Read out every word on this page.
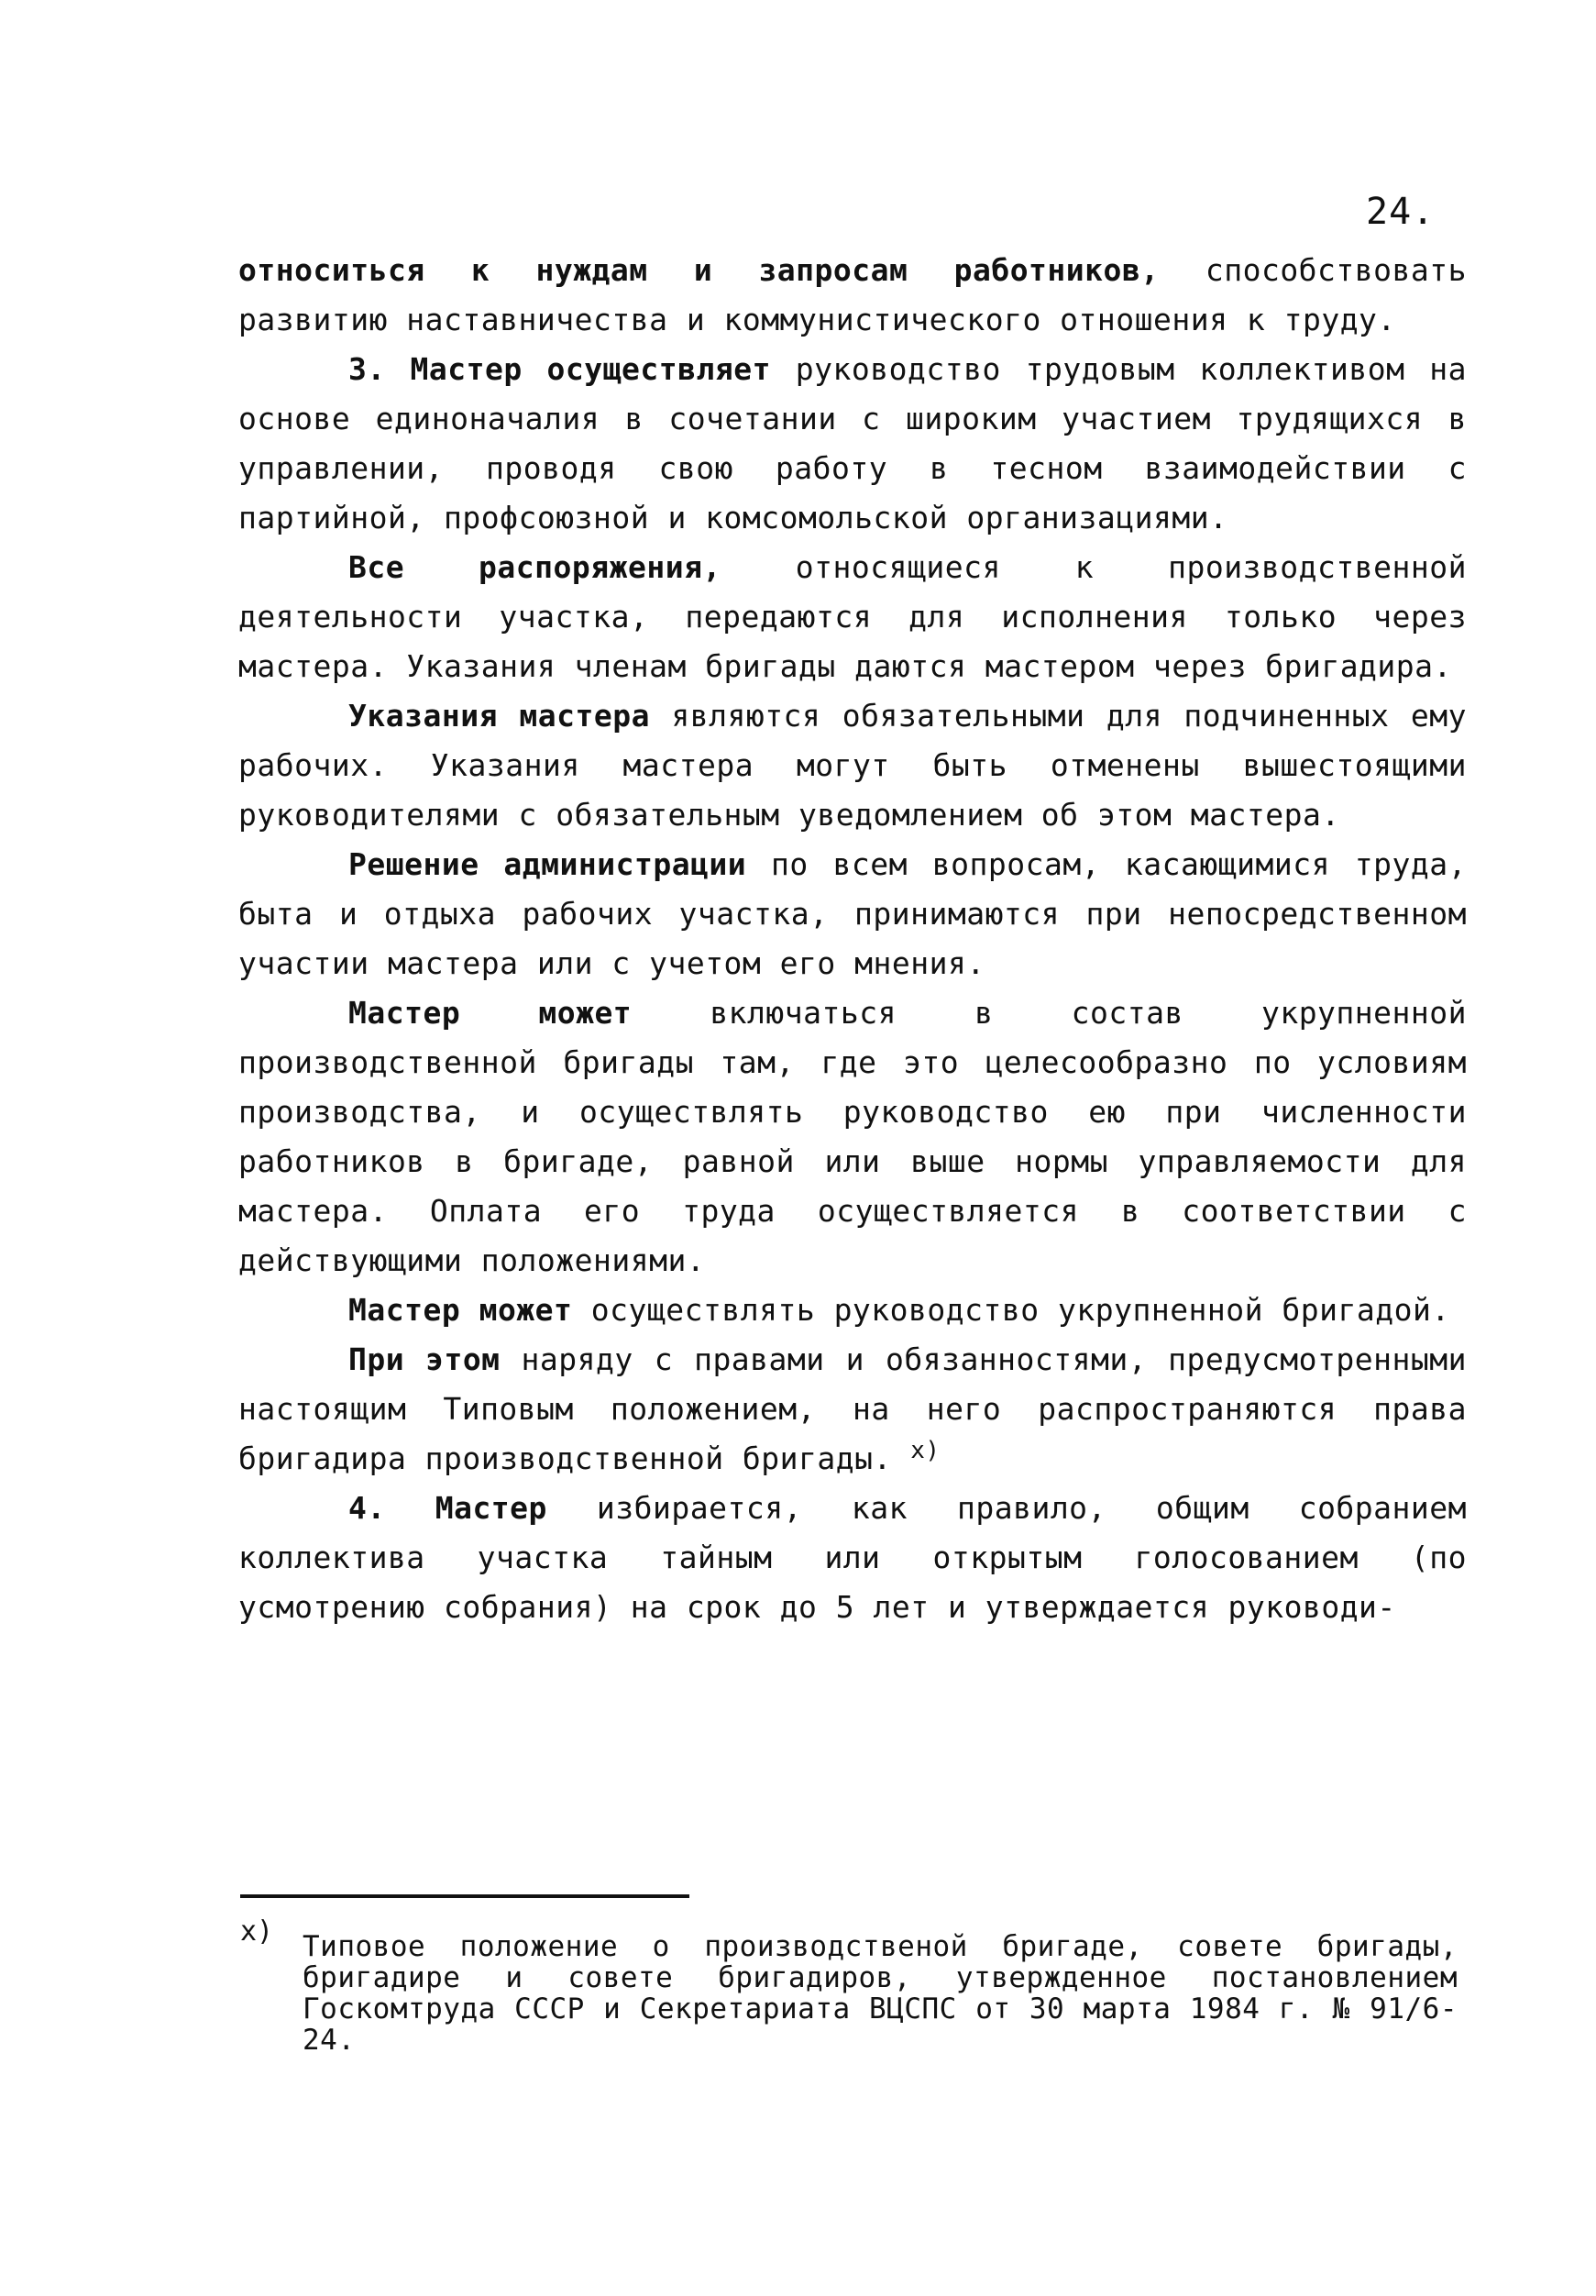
24.

относиться к нуждам и запросам работников, способствовать развитию наставничества и коммунистического отношения к труду.

3. Мастер осуществляет руководство трудовым коллективом на основе единоначалия в сочетании с широким участием трудящихся в управлении, проводя свою работу в тесном взаимодействии с партийной, профсоюзной и комсомольской организациями.

Все распоряжения, относящиеся к производственной деятельности участка, передаются для исполнения только через мастера. Указания членам бригады даются мастером через бригадира.

Указания мастера являются обязательными для подчиненных ему рабочих. Указания мастера могут быть отменены вышестоящими руководителями с обязательным уведомлением об этом мастера.

Решение администрации по всем вопросам, касающимися труда, быта и отдыха рабочих участка, принимаются при непосредственном участии мастера или с учетом его мнения.

Мастер может включаться в состав укрупненной производственной бригады там, где это целесообразно по условиям производства, и осуществлять руководство ею при численности работников в бригаде, равной или выше нормы управляемости для мастера. Оплата его труда осуществляется в соответствии с действующими положениями.

Мастер может осуществлять руководство укрупненной бригадой.

При этом наряду с правами и обязанностями, предусмотренными настоящим Типовым положением, на него распространяются права бригадира производственной бригады. $^{x)}$

4. Мастер избирается, как правило, общим собранием коллектива участка тайным или открытым голосованием (по усмотрению собрания) на срок до 5 лет и утверждается руководи-

x) Типовое положение о производственой бригаде, совете бригады, бригадире и совете бригадиров, утвержденное постановлением Госкомтруда СССР и Секретариата ВЦСПС от 30 марта 1984 г. № 91/6-24.
